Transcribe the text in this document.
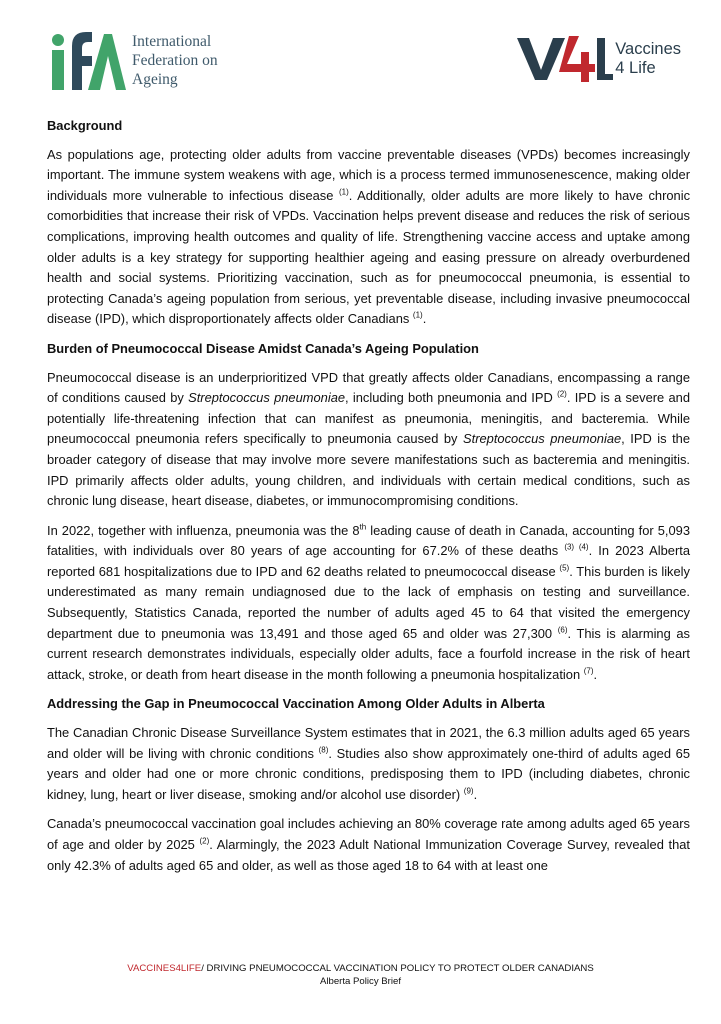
International
Federation on
Ageing
Vaccines
4 Life
Background

As populations age, protecting older adults from vaccine preventable diseases (VPDs) becomes increasingly important. The immune system weakens with age, which is a process termed immunosenescence, making older individuals more vulnerable to infectious disease $^{(1)}$. Additionally, older adults are more likely to have chronic comorbidities that increase their risk of VPDs. Vaccination helps prevent disease and reduces the risk of serious complications, improving health outcomes and quality of life. Strengthening vaccine access and uptake among older adults is a key strategy for supporting healthier ageing and easing pressure on already overburdened health and social systems. Prioritizing vaccination, such as for pneumococcal pneumonia, is essential to protecting Canada’s ageing population from serious, yet preventable disease, including invasive pneumococcal disease (IPD), which disproportionately affects older Canadians $^{(1)}$.

Burden of Pneumococcal Disease Amidst Canada’s Ageing Population

Pneumococcal disease is an underprioritized VPD that greatly affects older Canadians, encompassing a range of conditions caused by Streptococcus pneumoniae, including both pneumonia and IPD $^{(2)}$. IPD is a severe and potentially life-threatening infection that can manifest as pneumonia, meningitis, and bacteremia. While pneumococcal pneumonia refers specifically to pneumonia caused by Streptococcus pneumoniae, IPD is the broader category of disease that may involve more severe manifestations such as bacteremia and meningitis. IPD primarily affects older adults, young children, and individuals with certain medical conditions, such as chronic lung disease, heart disease, diabetes, or immunocompromising conditions.

In 2022, together with influenza, pneumonia was the 8th leading cause of death in Canada, accounting for 5,093 fatalities, with individuals over 80 years of age accounting for 67.2% of these deaths $^{(3) (4)}$. In 2023 Alberta reported 681 hospitalizations due to IPD and 62 deaths related to pneumococcal disease $^{(5)}$. This burden is likely underestimated as many remain undiagnosed due to the lack of emphasis on testing and surveillance. Subsequently, Statistics Canada, reported the number of adults aged 45 to 64 that visited the emergency department due to pneumonia was 13,491 and those aged 65 and older was 27,300 $^{(6)}$. This is alarming as current research demonstrates individuals, especially older adults, face a fourfold increase in the risk of heart attack, stroke, or death from heart disease in the month following a pneumonia hospitalization $^{(7)}$.

Addressing the Gap in Pneumococcal Vaccination Among Older Adults in Alberta

The Canadian Chronic Disease Surveillance System estimates that in 2021, the 6.3 million adults aged 65 years and older will be living with chronic conditions $^{(8)}$. Studies also show approximately one-third of adults aged 65 years and older had one or more chronic conditions, predisposing them to IPD (including diabetes, chronic kidney, lung, heart or liver disease, smoking and/or alcohol use disorder) $^{(9)}$.

Canada’s pneumococcal vaccination goal includes achieving an 80% coverage rate among adults aged 65 years of age and older by 2025 $^{(2)}$. Alarmingly, the 2023 Adult National Immunization Coverage Survey, revealed that only 42.3% of adults aged 65 and older, as well as those aged 18 to 64 with at least one

VACCINES4LIFE/ DRIVING PNEUMOCOCCAL VACCINATION POLICY TO PROTECT OLDER CANADIANS
Alberta Policy Brief
